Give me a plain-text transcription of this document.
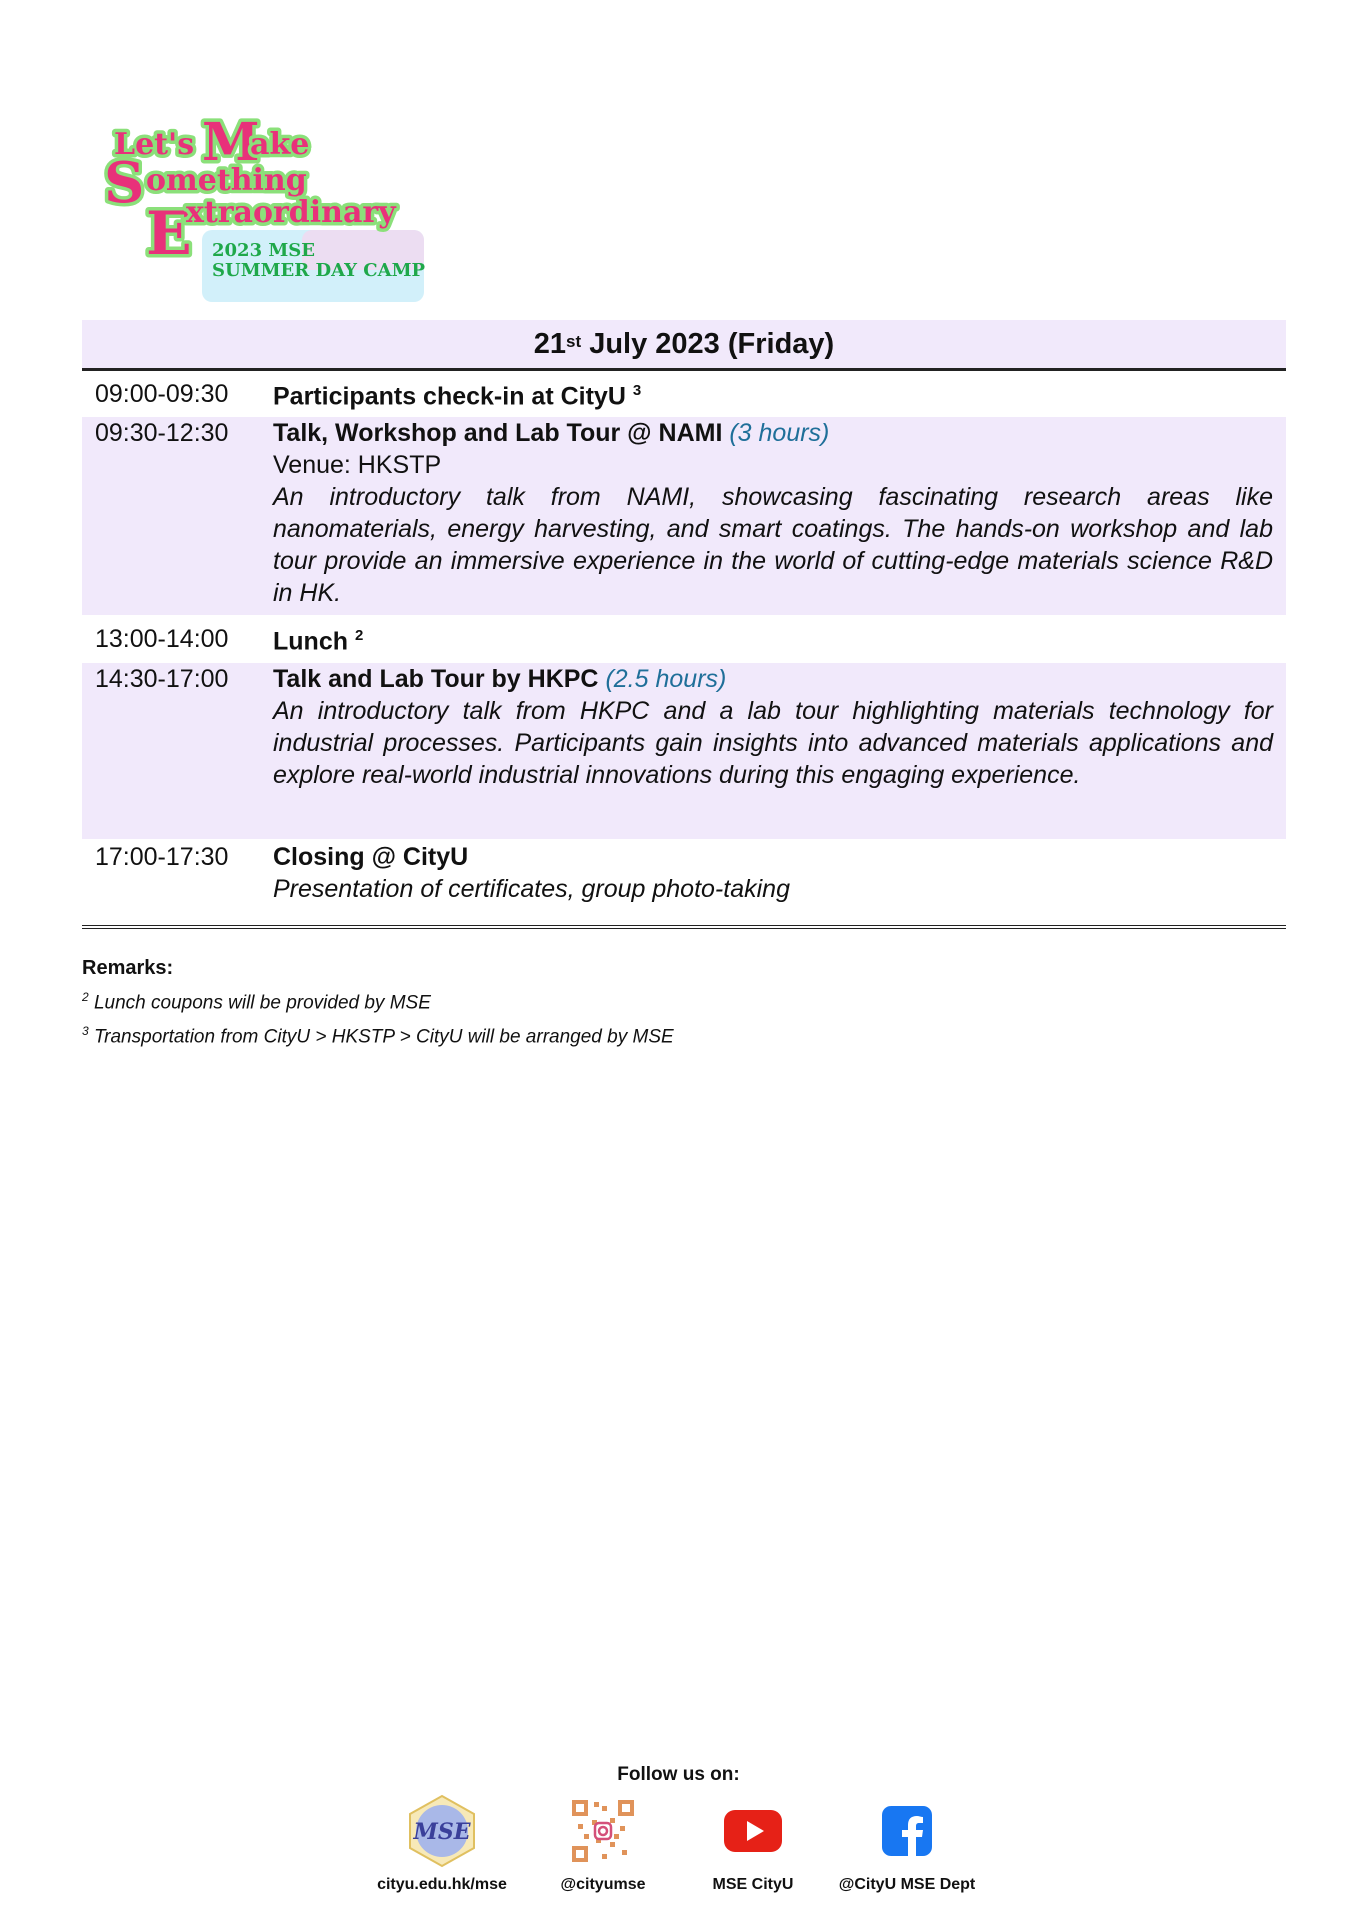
Let's M
ake
S omething
E
xtraordinary
2023 MSE
SUMMER DAY CAMP
21st July 2023 (Friday)
09:00-09:30	Participants check-in at CityU $^3$
09:30-12:30	Talk, Workshop and Lab Tour @ NAMI (3 hours)
Venue: HKSTP
An introductory talk from NAMI, showcasing fascinating research areas like nanomaterials, energy harvesting, and smart coatings. The hands-on workshop and lab tour provide an immersive experience in the world of cutting-edge materials science R&D in HK.
13:00-14:00	Lunch $^2$
14:30-17:00	Talk and Lab Tour by HKPC (2.5 hours)
An introductory talk from HKPC and a lab tour highlighting materials technology for industrial processes. Participants gain insights into advanced materials applications and explore real-world industrial innovations during this engaging experience.
17:00-17:30	Closing @ CityU
Presentation of certificates, group photo-taking
Remarks:
$^2$ Lunch coupons will be provided by MSE
$^3$ Transportation from CityU > HKSTP > CityU will be arranged by MSE
Follow us on:
MSE
cityu.edu.hk/mse	@cityumse	MSE CityU	@CityU MSE Dept
